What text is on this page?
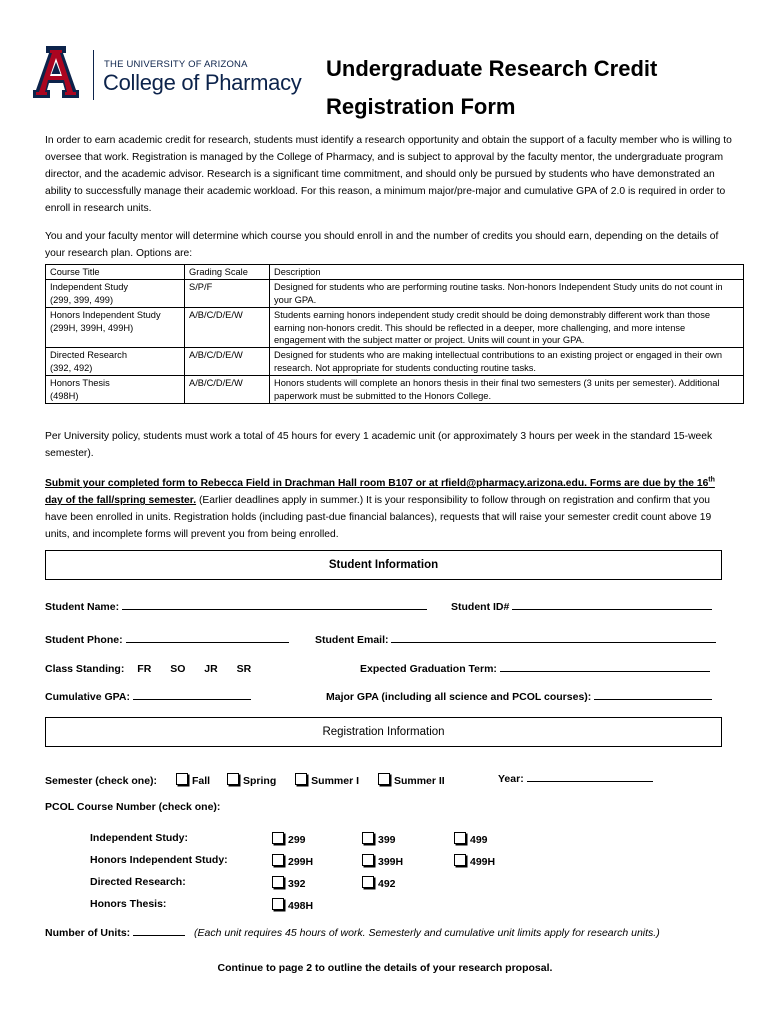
THE UNIVERSITY OF ARIZONA
College of Pharmacy
Undergraduate Research Credit
Registration Form
In order to earn academic credit for research, students must identify a research opportunity and obtain the support of a faculty member who is willing to oversee that work. Registration is managed by the College of Pharmacy, and is subject to approval by the faculty mentor, the undergraduate program director, and the academic advisor. Research is a significant time commitment, and should only be pursued by students who have demonstrated an ability to successfully manage their academic workload. For this reason, a minimum major/pre-major and cumulative GPA of 2.0 is required in order to enroll in research units.
You and your faculty mentor will determine which course you should enroll in and the number of credits you should earn, depending on the details of your research plan. Options are:
Course Title	Grading Scale	Description
Independent Study
(299, 399, 499)	S/P/F	Designed for students who are performing routine tasks. Non-honors Independent Study units do not count in your GPA.
Honors Independent Study
(299H, 399H, 499H)	A/B/C/D/E/W	Students earning honors independent study credit should be doing demonstrably different work than those earning non-honors credit. This should be reflected in a deeper, more challenging, and more intense engagement with the subject matter or project. Units will count in your GPA.
Directed Research
(392, 492)	A/B/C/D/E/W	Designed for students who are making intellectual contributions to an existing project or engaged in their own research. Not appropriate for students conducting routine tasks.
Honors Thesis
(498H)	A/B/C/D/E/W	Honors students will complete an honors thesis in their final two semesters (3 units per semester). Additional paperwork must be submitted to the Honors College.
Per University policy, students must work a total of 45 hours for every 1 academic unit (or approximately 3 hours per week in the standard 15-week semester).
Submit your completed form to Rebecca Field in Drachman Hall room B107 or at rfield@pharmacy.arizona.edu. Forms are due by the 16th day of the fall/spring semester. (Earlier deadlines apply in summer.) It is your responsibility to follow through on registration and confirm that you have been enrolled in units. Registration holds (including past-due financial balances), requests that will raise your semester credit count above 19 units, and incomplete forms will prevent you from being enrolled.
Student Information
Student Name:	Student ID#
Student Phone:	Student Email:
Class Standing: FR SO JR SR	Expected Graduation Term:
Cumulative GPA:	Major GPA (including all science and PCOL courses):
Registration Information
Semester (check one):	Fall	Spring	Summer I	Summer II	Year:
PCOL Course Number (check one):
Independent Study:	299	399	499
Honors Independent Study:	299H	399H	499H
Directed Research:	392	492
Honors Thesis:	498H
Number of Units:	(Each unit requires 45 hours of work. Semesterly and cumulative unit limits apply for research units.)
Continue to page 2 to outline the details of your research proposal.
